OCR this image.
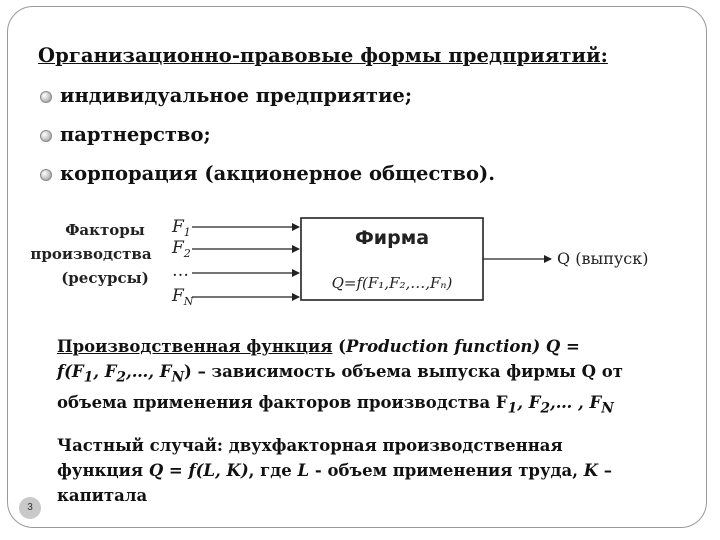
Организационно-правовые формы предприятий:
индивидуальное предприятие;
партнерство;
корпорация (акционерное общество).
Факторы
производства
(ресурсы)
$F_1$
$F_2$
…
$F_N$
Фирма
Q=f(F₁,F₂,…,Fₙ)
Q (выпуск)
Производственная функция (Production function) Q =
$f(F_1$, $F_2,\dots$, $F_N$) – зависимость объема выпуска фирмы Q от
объема применения факторов производства $F_1$, $F_2,\dots$ , $F_N$
Частный случай: двухфакторная производственная
функция Q = f(L, K), где L - объем применения труда, K –
капитала
3
